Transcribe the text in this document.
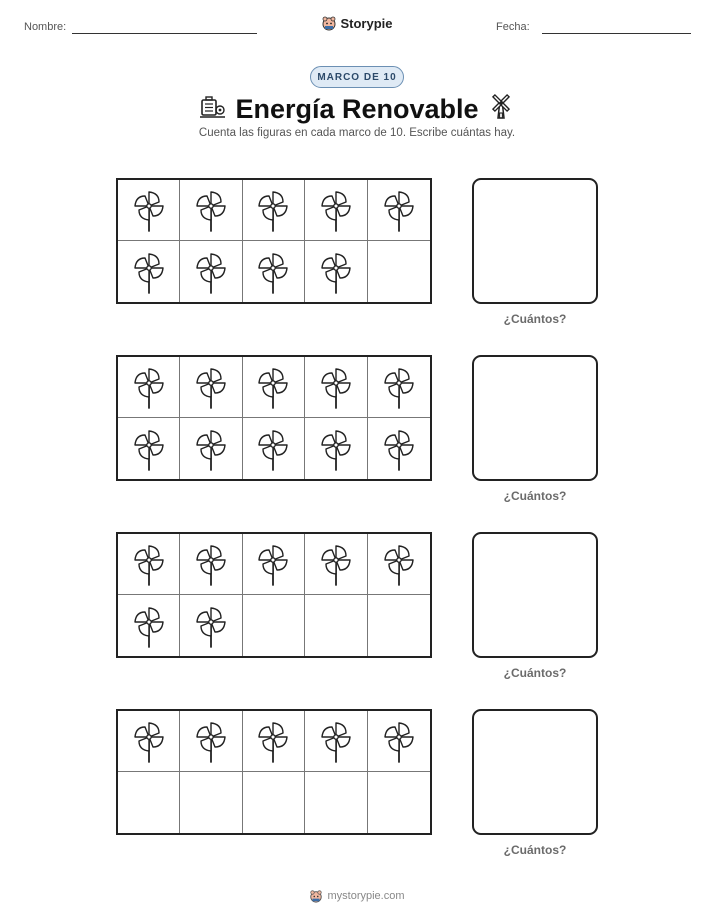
Nombre:	Storypie	Fecha:
MARCO DE 10
Energía Renovable
Cuenta las figuras en cada marco de 10. Escribe cuántas hay.
¿Cuántos?
¿Cuántos?
¿Cuántos?
¿Cuántos?
mystorypie.com
